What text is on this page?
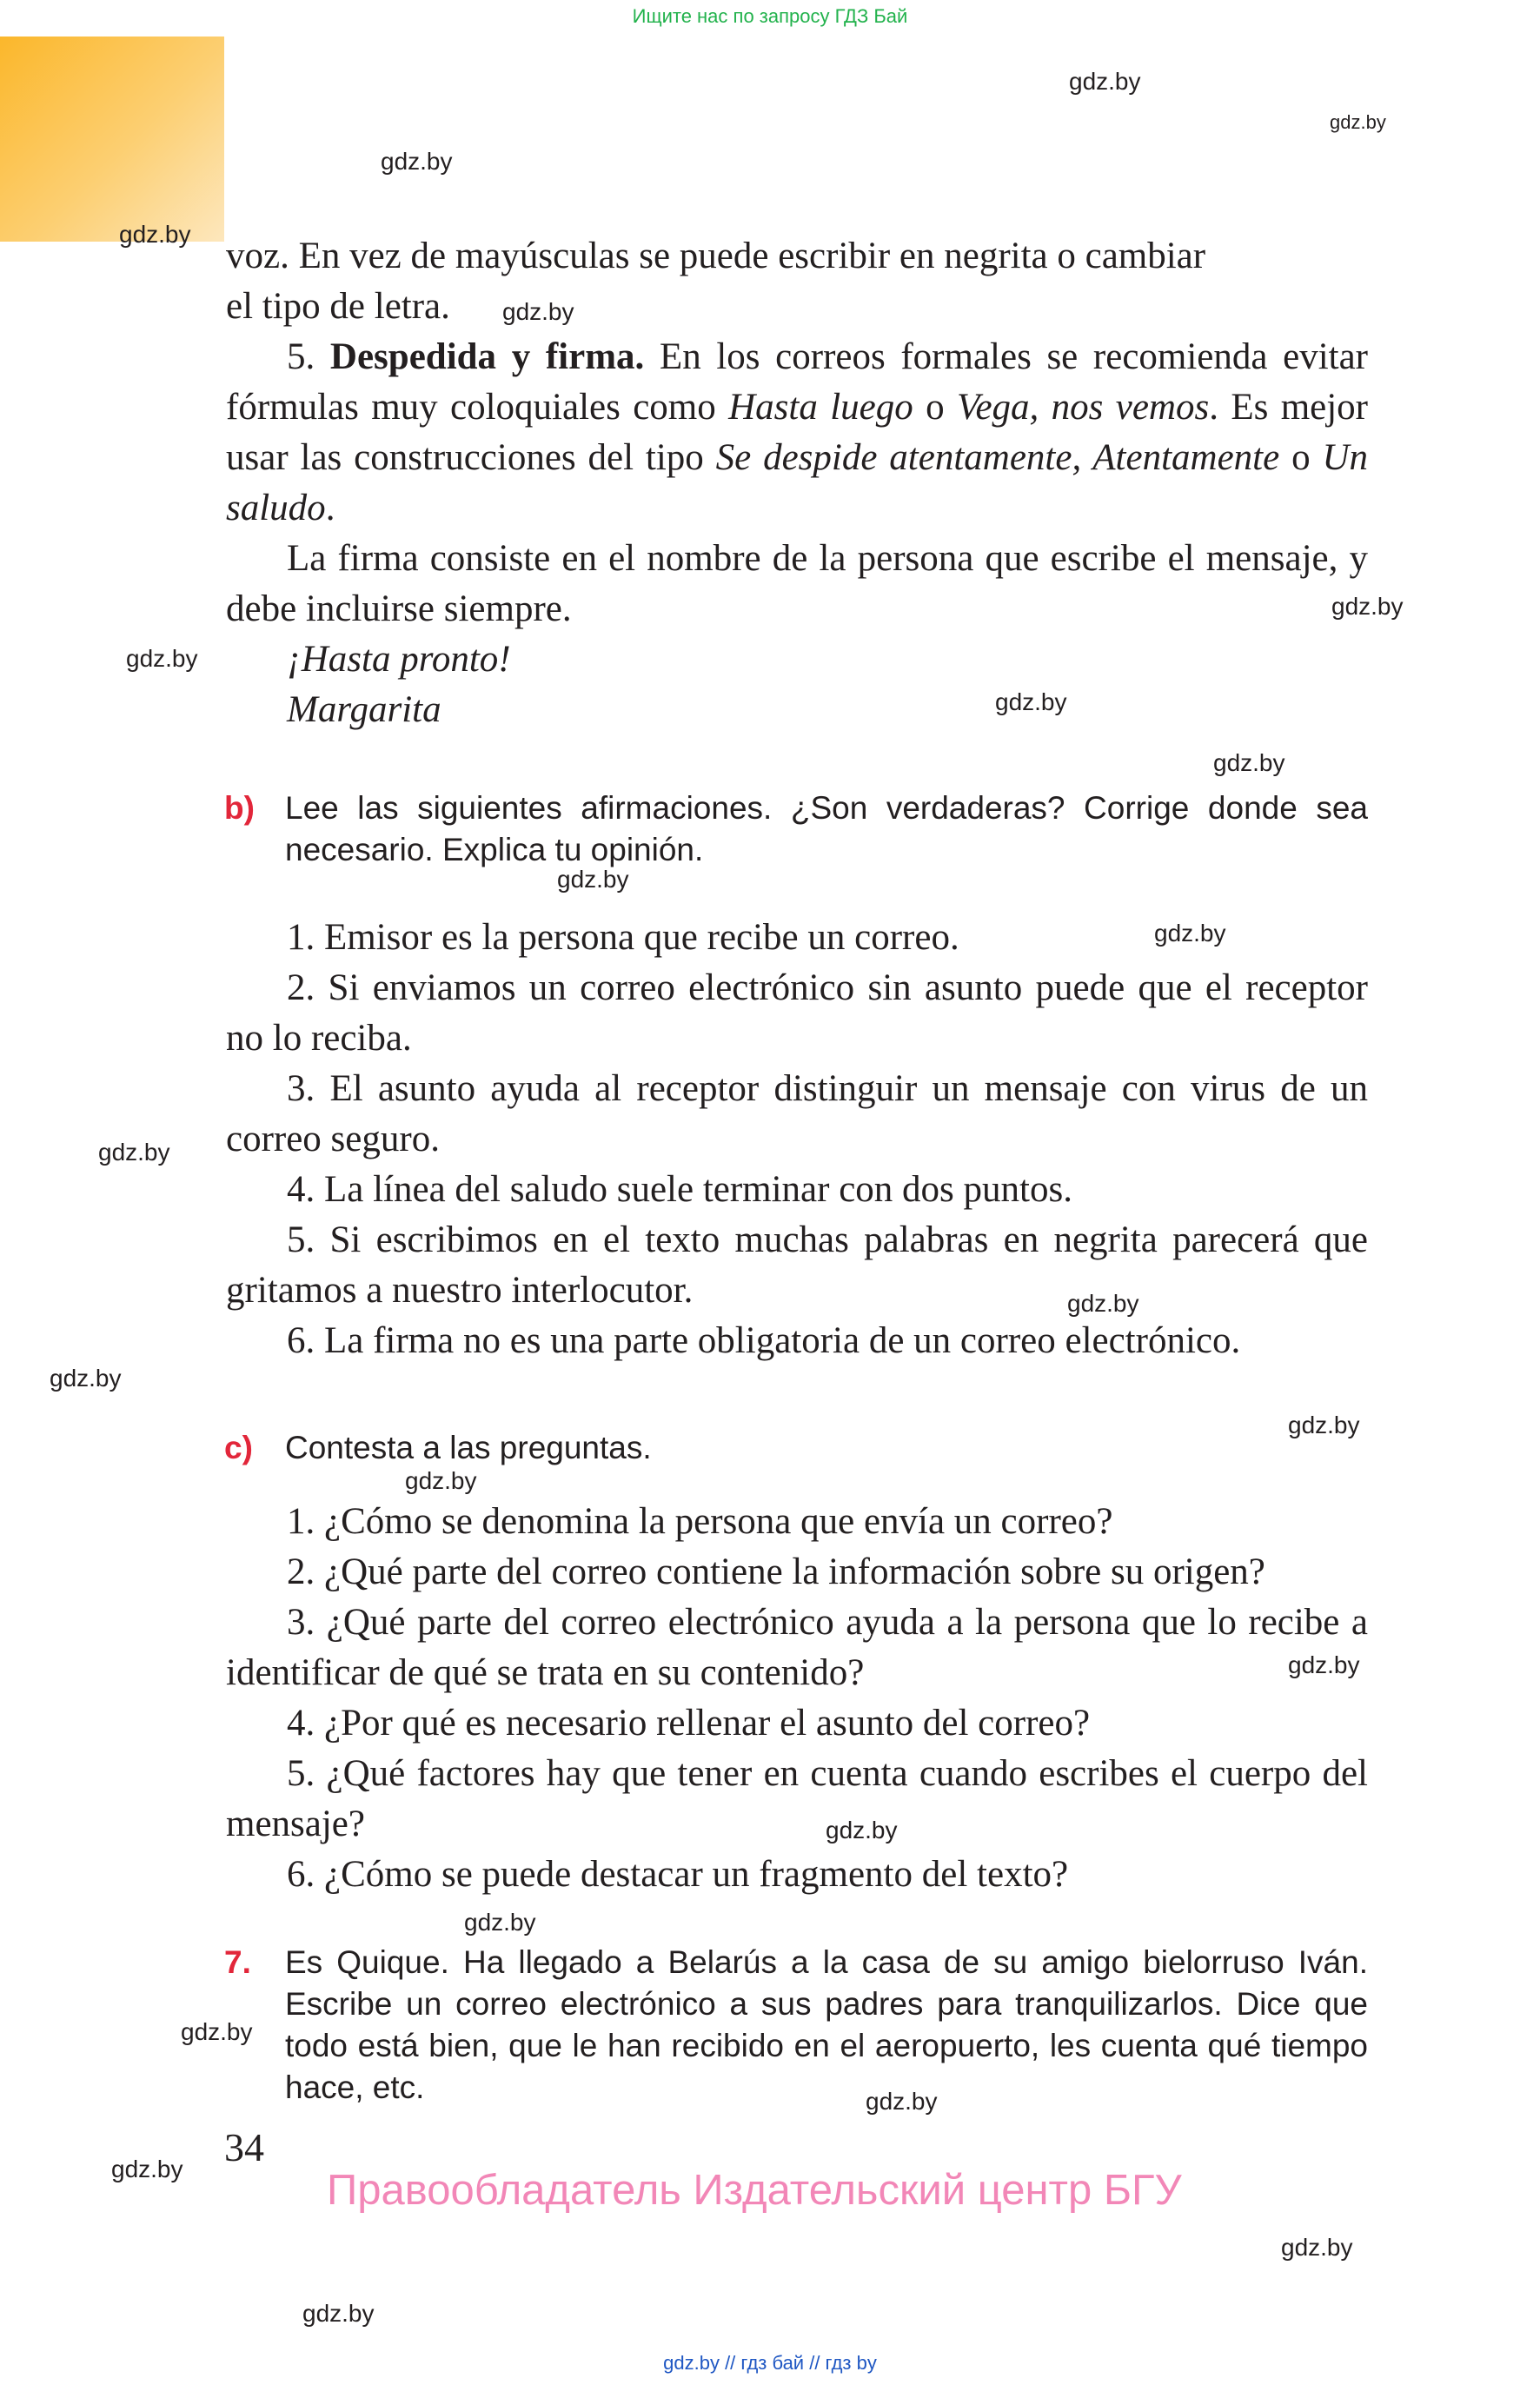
Ищите нас по запросу ГДЗ Бай
gdz.by
gdz.by
gdz.by
gdz.by
gdz.by
gdz.by
gdz.by
gdz.by
gdz.by
gdz.by
gdz.by
gdz.by
gdz.by
gdz.by
gdz.by
gdz.by
gdz.by
gdz.by
gdz.by
gdz.by
gdz.by
gdz.by
gdz.by
gdz.by
voz. En vez de mayúsculas se puede escribir en negrita o cambiar
el tipo de letra.

5. Despedida y firma. En los correos formales se recomienda evitar fórmulas muy coloquiales como Hasta luego o Vega, nos vemos. Es mejor usar las construcciones del tipo Se despide atentamente, Atentamente o Un saludo.

La firma consiste en el nombre de la persona que escribe el mensaje, y debe incluirse siempre.

¡Hasta pronto!
Margarita
b) Lee las siguientes afirmaciones. ¿Son verdaderas? Corrige donde sea necesario. Explica tu opinión.
1. Emisor es la persona que recibe un correo.

2. Si enviamos un correo electrónico sin asunto puede que el receptor no lo reciba.

3. El asunto ayuda al receptor distinguir un mensaje con virus de un correo seguro.

4. La línea del saludo suele terminar con dos puntos.

5. Si escribimos en el texto muchas palabras en negrita parecerá que gritamos a nuestro interlocutor.

6. La firma no es una parte obligatoria de un correo electrónico.
c) Contesta a las preguntas.
1. ¿Cómo se denomina la persona que envía un correo?
2. ¿Qué parte del correo contiene la información sobre su origen?

3. ¿Qué parte del correo electrónico ayuda a la persona que lo recibe a identificar de qué se trata en su contenido?

4. ¿Por qué es necesario rellenar el asunto del correo?

5. ¿Qué factores hay que tener en cuenta cuando escribes el cuerpo del mensaje?

6. ¿Cómo se puede destacar un fragmento del texto?
7. Es Quique. Ha llegado a Belarús a la casa de su amigo bielorruso Iván. Escribe un correo electrónico a sus padres para tranquilizarlos. Dice que todo está bien, que le han recibido en el aeropuerto, les cuenta qué tiempo hace, etc.
34
Правообладатель Издательский центр БГУ
gdz.by // гдз бай // гдз by
